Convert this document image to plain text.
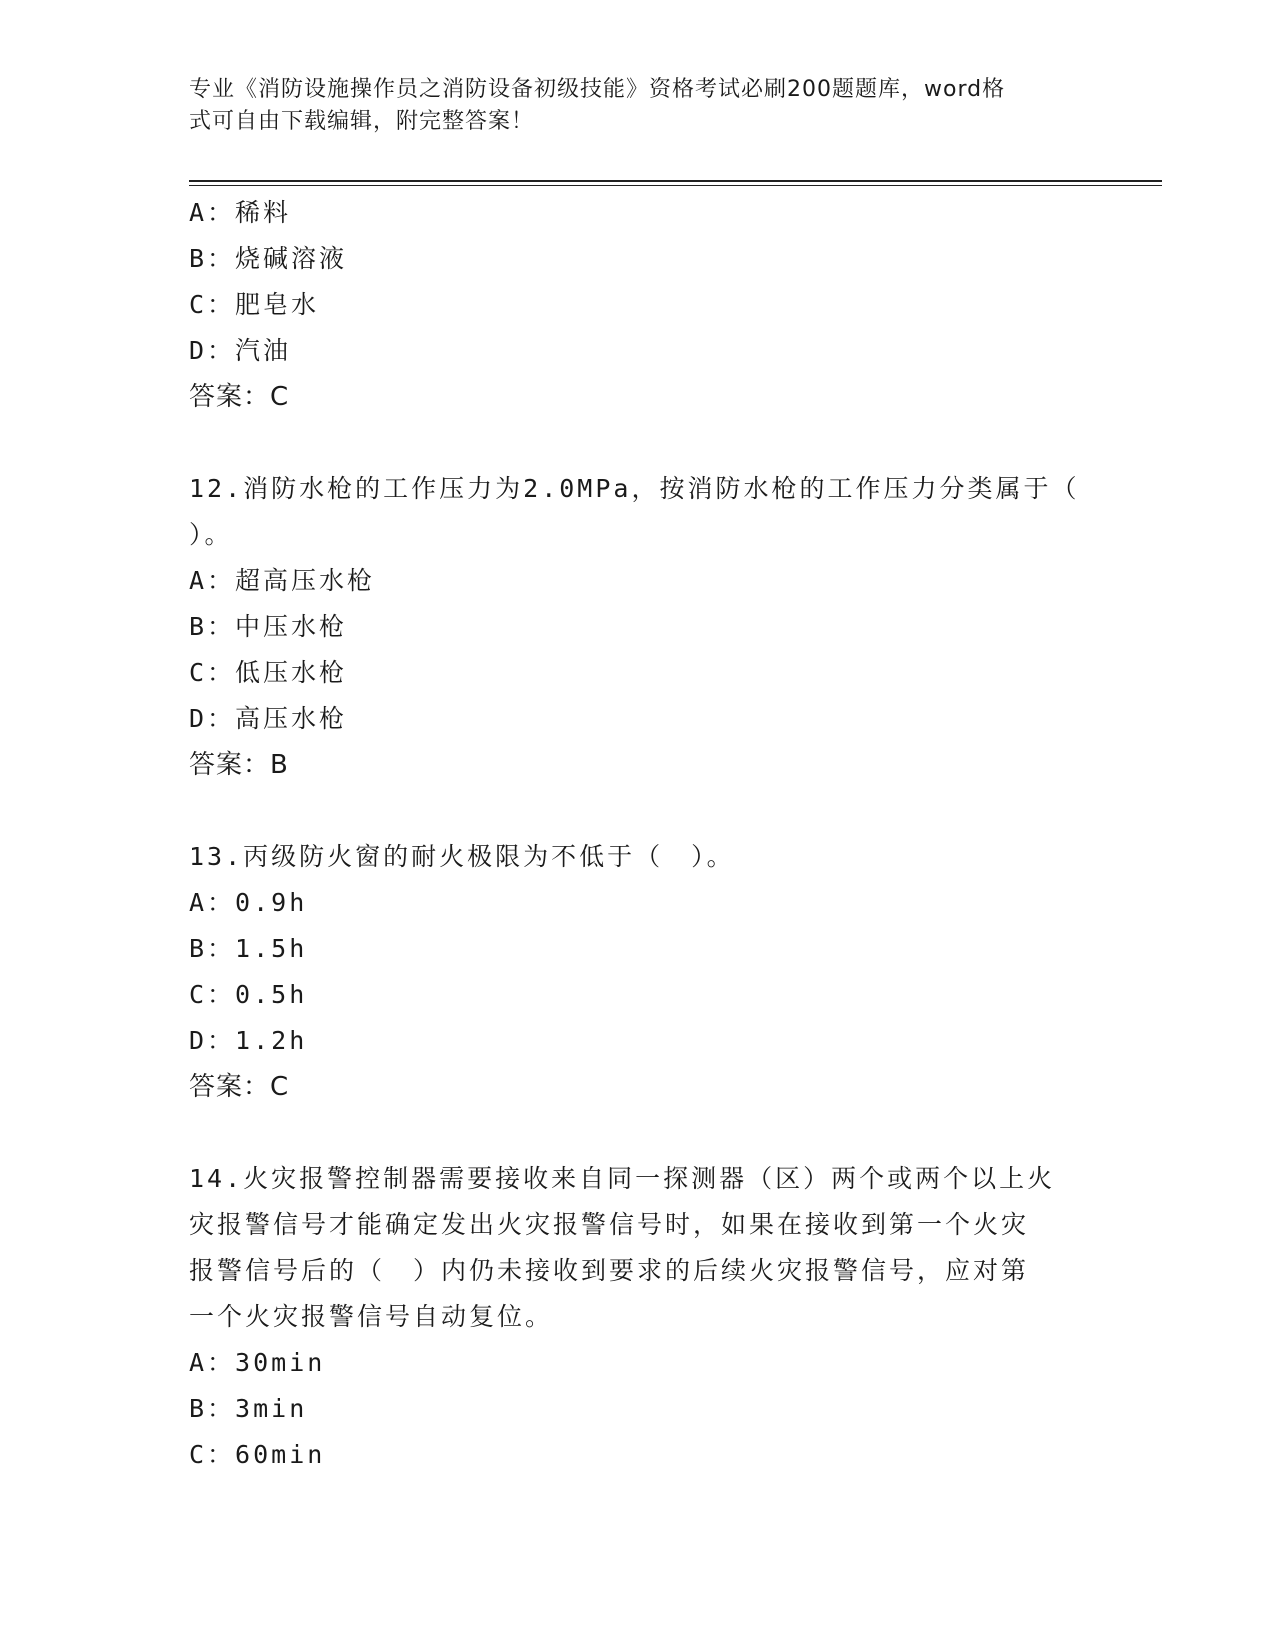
专业《消防设施操作员之消防设备初级技能》资格考试必刷200题题库，word格
式可自由下载编辑，附完整答案！
A：稀料
B：烧碱溶液
C：肥皂水
D：汽油
答案：C
12.消防水枪的工作压力为2.0MPa，按消防水枪的工作压力分类属于（
）。
A：超高压水枪
B：中压水枪
C：低压水枪
D：高压水枪
答案：B
13.丙级防火窗的耐火极限为不低于（　）。
A：0.9h
B：1.5h
C：0.5h
D：1.2h
答案：C
14.火灾报警控制器需要接收来自同一探测器（区）两个或两个以上火
灾报警信号才能确定发出火灾报警信号时，如果在接收到第一个火灾
报警信号后的（　）内仍未接收到要求的后续火灾报警信号，应对第
一个火灾报警信号自动复位。
A：30min
B：3min
C：60min
